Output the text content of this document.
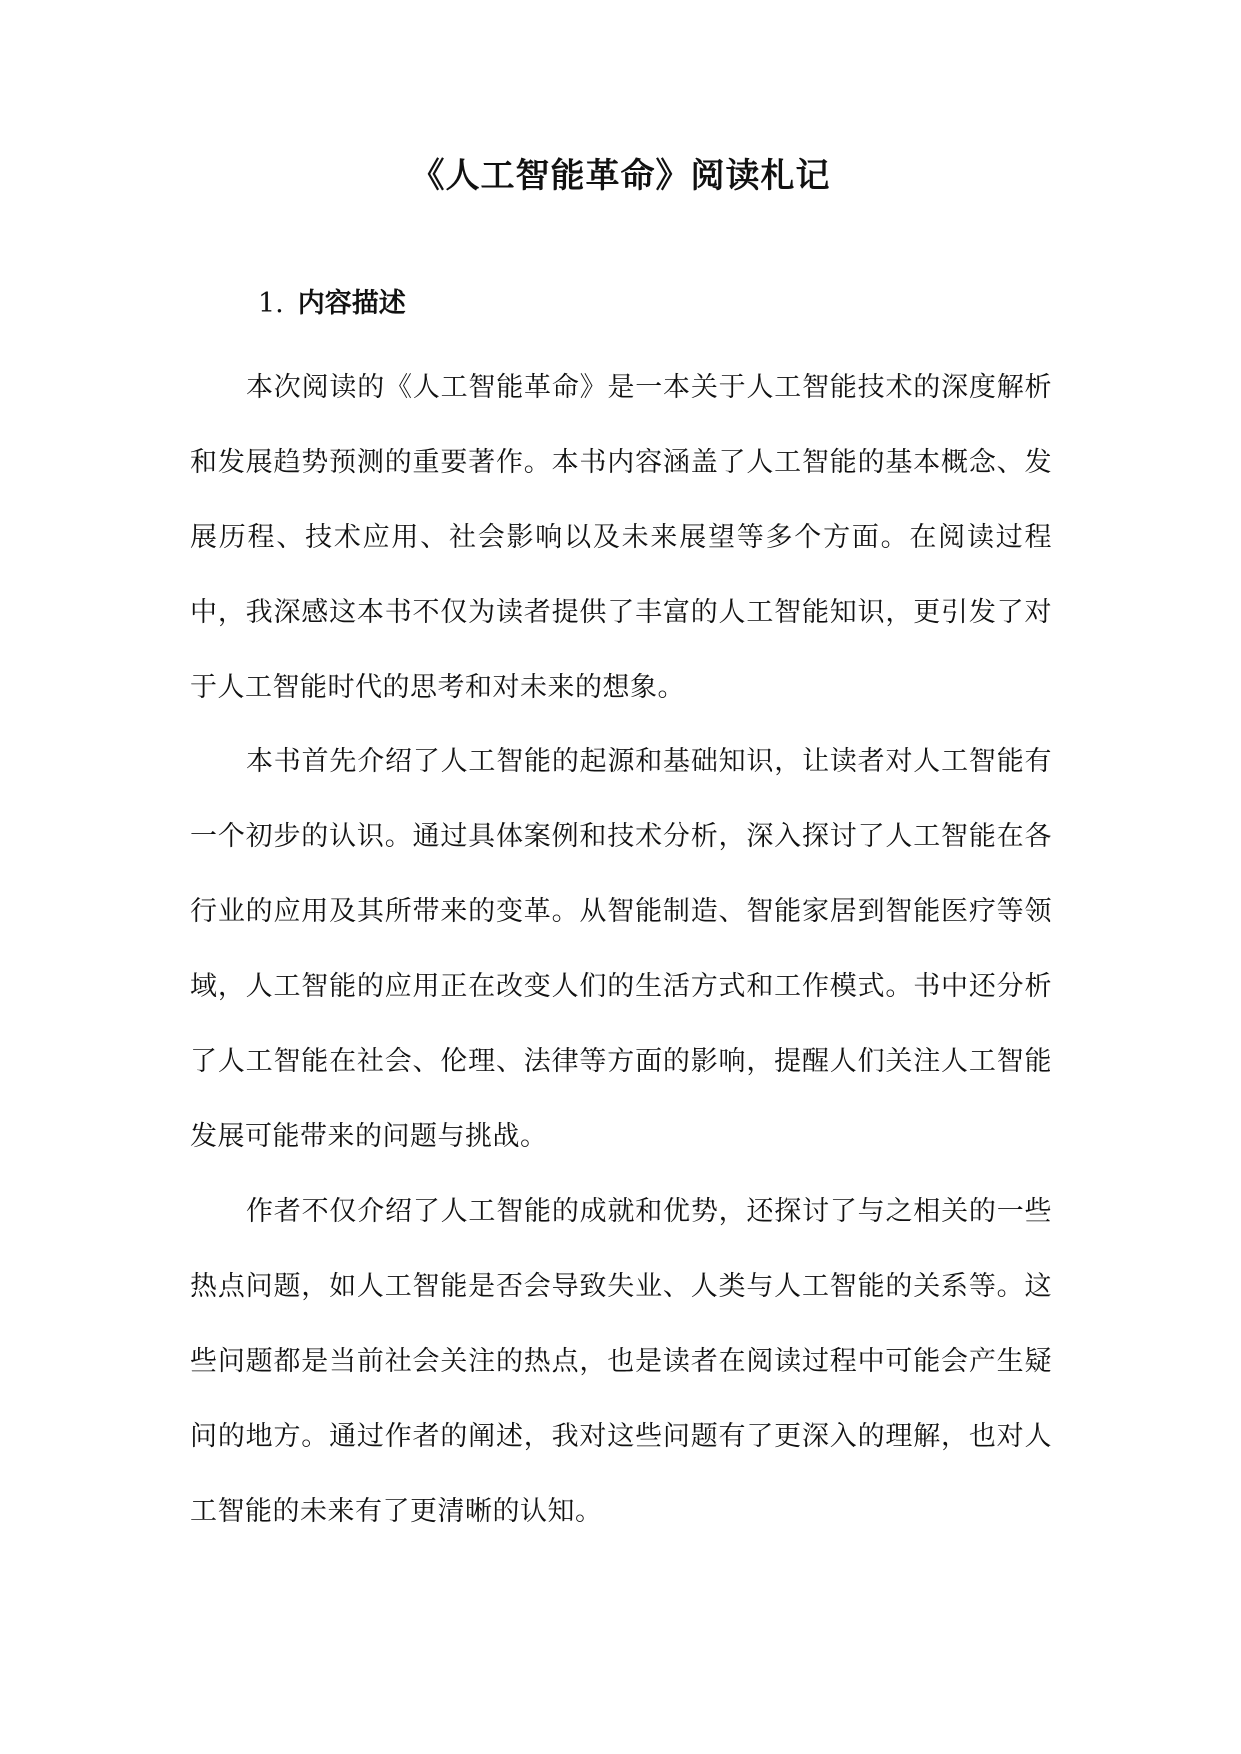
《人工智能革命》阅读札记
1. 内容描述

本次阅读的《人工智能革命》是一本关于人工智能技术的深度解析和发展趋势预测的重要著作。本书内容涵盖了人工智能的基本概念、发展历程、技术应用、社会影响以及未来展望等多个方面。在阅读过程中，我深感这本书不仅为读者提供了丰富的人工智能知识，更引发了对于人工智能时代的思考和对未来的想象。

本书首先介绍了人工智能的起源和基础知识，让读者对人工智能有一个初步的认识。通过具体案例和技术分析，深入探讨了人工智能在各行业的应用及其所带来的变革。从智能制造、智能家居到智能医疗等领域，人工智能的应用正在改变人们的生活方式和工作模式。书中还分析了人工智能在社会、伦理、法律等方面的影响，提醒人们关注人工智能发展可能带来的问题与挑战。

作者不仅介绍了人工智能的成就和优势，还探讨了与之相关的一些热点问题，如人工智能是否会导致失业、人类与人工智能的关系等。这些问题都是当前社会关注的热点，也是读者在阅读过程中可能会产生疑问的地方。通过作者的阐述，我对这些问题有了更深入的理解，也对人工智能的未来有了更清晰的认知。
